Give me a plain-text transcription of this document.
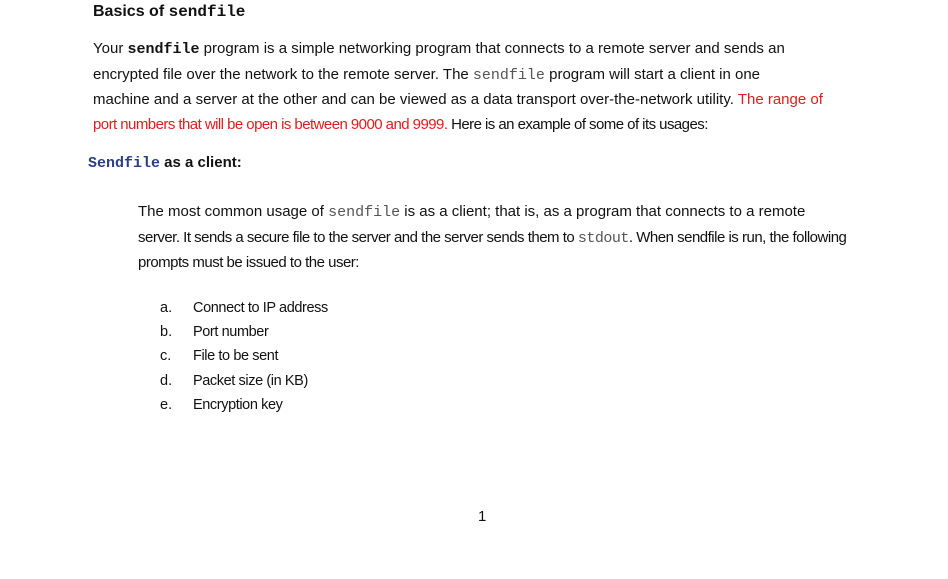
Basics of sendfile

Your sendfile program is a simple networking program that connects to a remote server and sends an
encrypted file over the network to the remote server. The sendfile program will start a client in one
machine and a server at the other and can be viewed as a data transport over-the-network utility. The range of
port numbers that will be open is between 9000 and 9999. Here is an example of some of its usages:

Sendfile as a client:

The most common usage of sendfile is as a client; that is, as a program that connects to a remote
server. It sends a secure file to the server and the server sends them to stdout. When sendfile is run, the following
prompts must be issued to the user:

a.	Connect to IP address
b.	Port number
c.	File to be sent
d.	Packet size (in KB)
e.	Encryption key
1
